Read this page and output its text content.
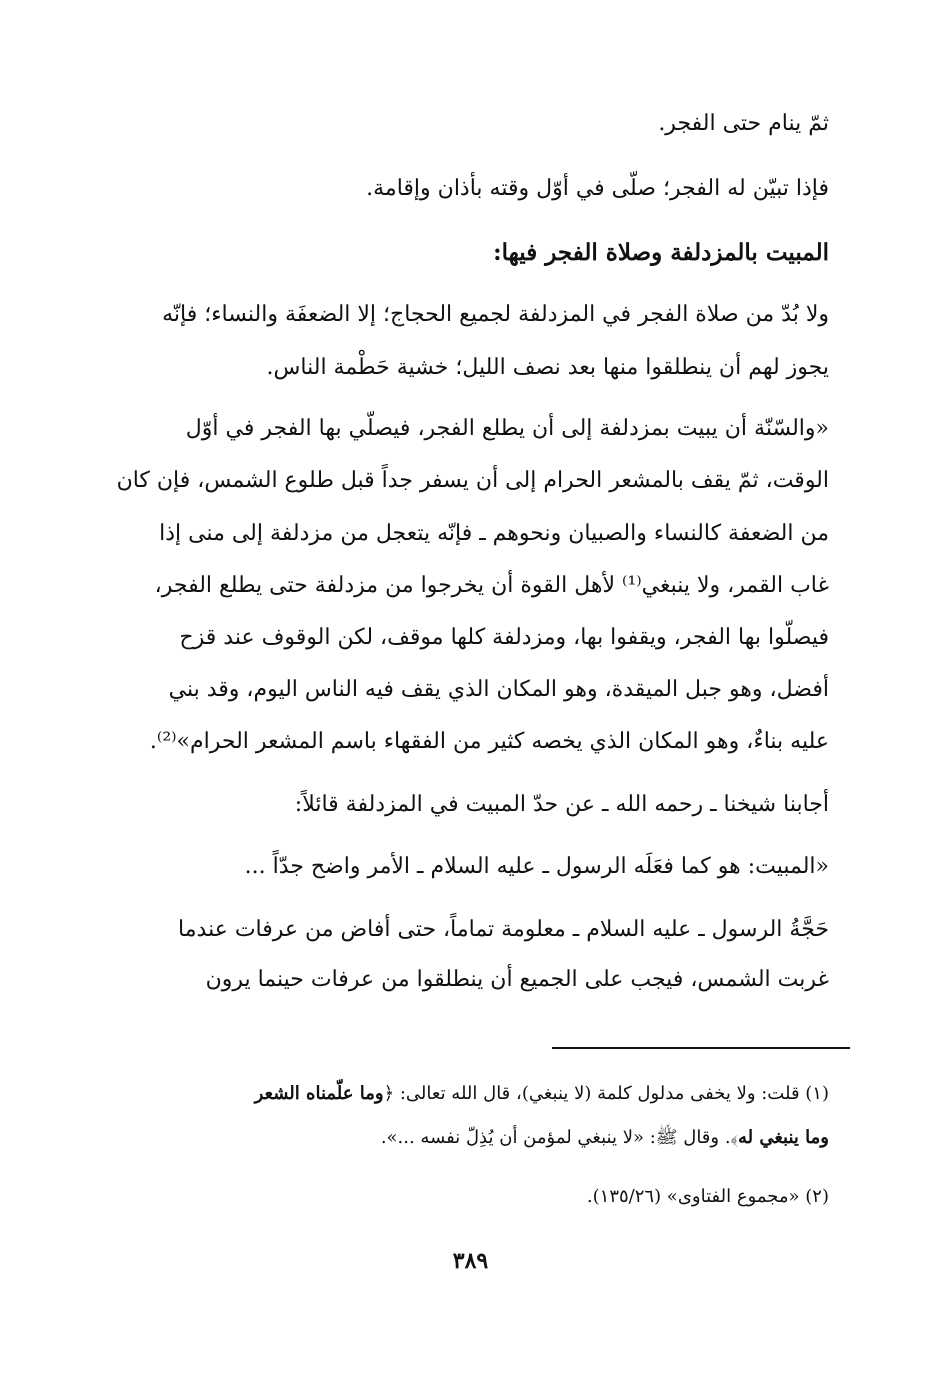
ثمّ ينام حتى الفجر.

فإذا تبيّن له الفجر؛ صلّى في أوّل وقته بأذان وإقامة.

المبيت بالمزدلفة وصلاة الفجر فيها:

ولا بُدّ من صلاة الفجر في المزدلفة لجميع الحجاج؛ إلا الضعفَة والنساء؛ فإنّه

يجوز لهم أن ينطلقوا منها بعد نصف الليل؛ خشية حَطْمة الناس.

«والسّنّة أن يبيت بمزدلفة إلى أن يطلع الفجر، فيصلّي بها الفجر في أوّل

الوقت، ثمّ يقف بالمشعر الحرام إلى أن يسفر جداً قبل طلوع الشمس، فإن كان

من الضعفة كالنساء والصبيان ونحوهم ـ فإنّه يتعجل من مزدلفة إلى منى إذا

غاب القمر، ولا ينبغي⁽¹⁾ لأهل القوة أن يخرجوا من مزدلفة حتى يطلع الفجر،

فيصلّوا بها الفجر، ويقفوا بها، ومزدلفة كلها موقف، لكن الوقوف عند قزح

أفضل، وهو جبل الميقدة، وهو المكان الذي يقف فيه الناس اليوم، وقد بني

عليه بناءٌ، وهو المكان الذي يخصه كثير من الفقهاء باسم المشعر الحرام»⁽²⁾.

أجابنا شيخنا ـ رحمه الله ـ عن حدّ المبيت في المزدلفة قائلاً:

«المبيت: هو كما فعَلَه الرسول ـ عليه السلام ـ الأمر واضح جدّاً ...

حَجَّةُ الرسول ـ عليه السلام ـ معلومة تماماً، حتى أفاض من عرفات عندما

غربت الشمس، فيجب على الجميع أن ينطلقوا من عرفات حينما يرون

(١) قلت: ولا يخفى مدلول كلمة (لا ينبغي)، قال الله تعالى: ﴿وما علّمناه الشعر

وما ينبغي له﴾. وقال ﷺ: «لا ينبغي لمؤمن أن يُذِلّ نفسه ...».

(٢) «مجموع الفتاوى» (١٣٥/٢٦).

٣٨٩
